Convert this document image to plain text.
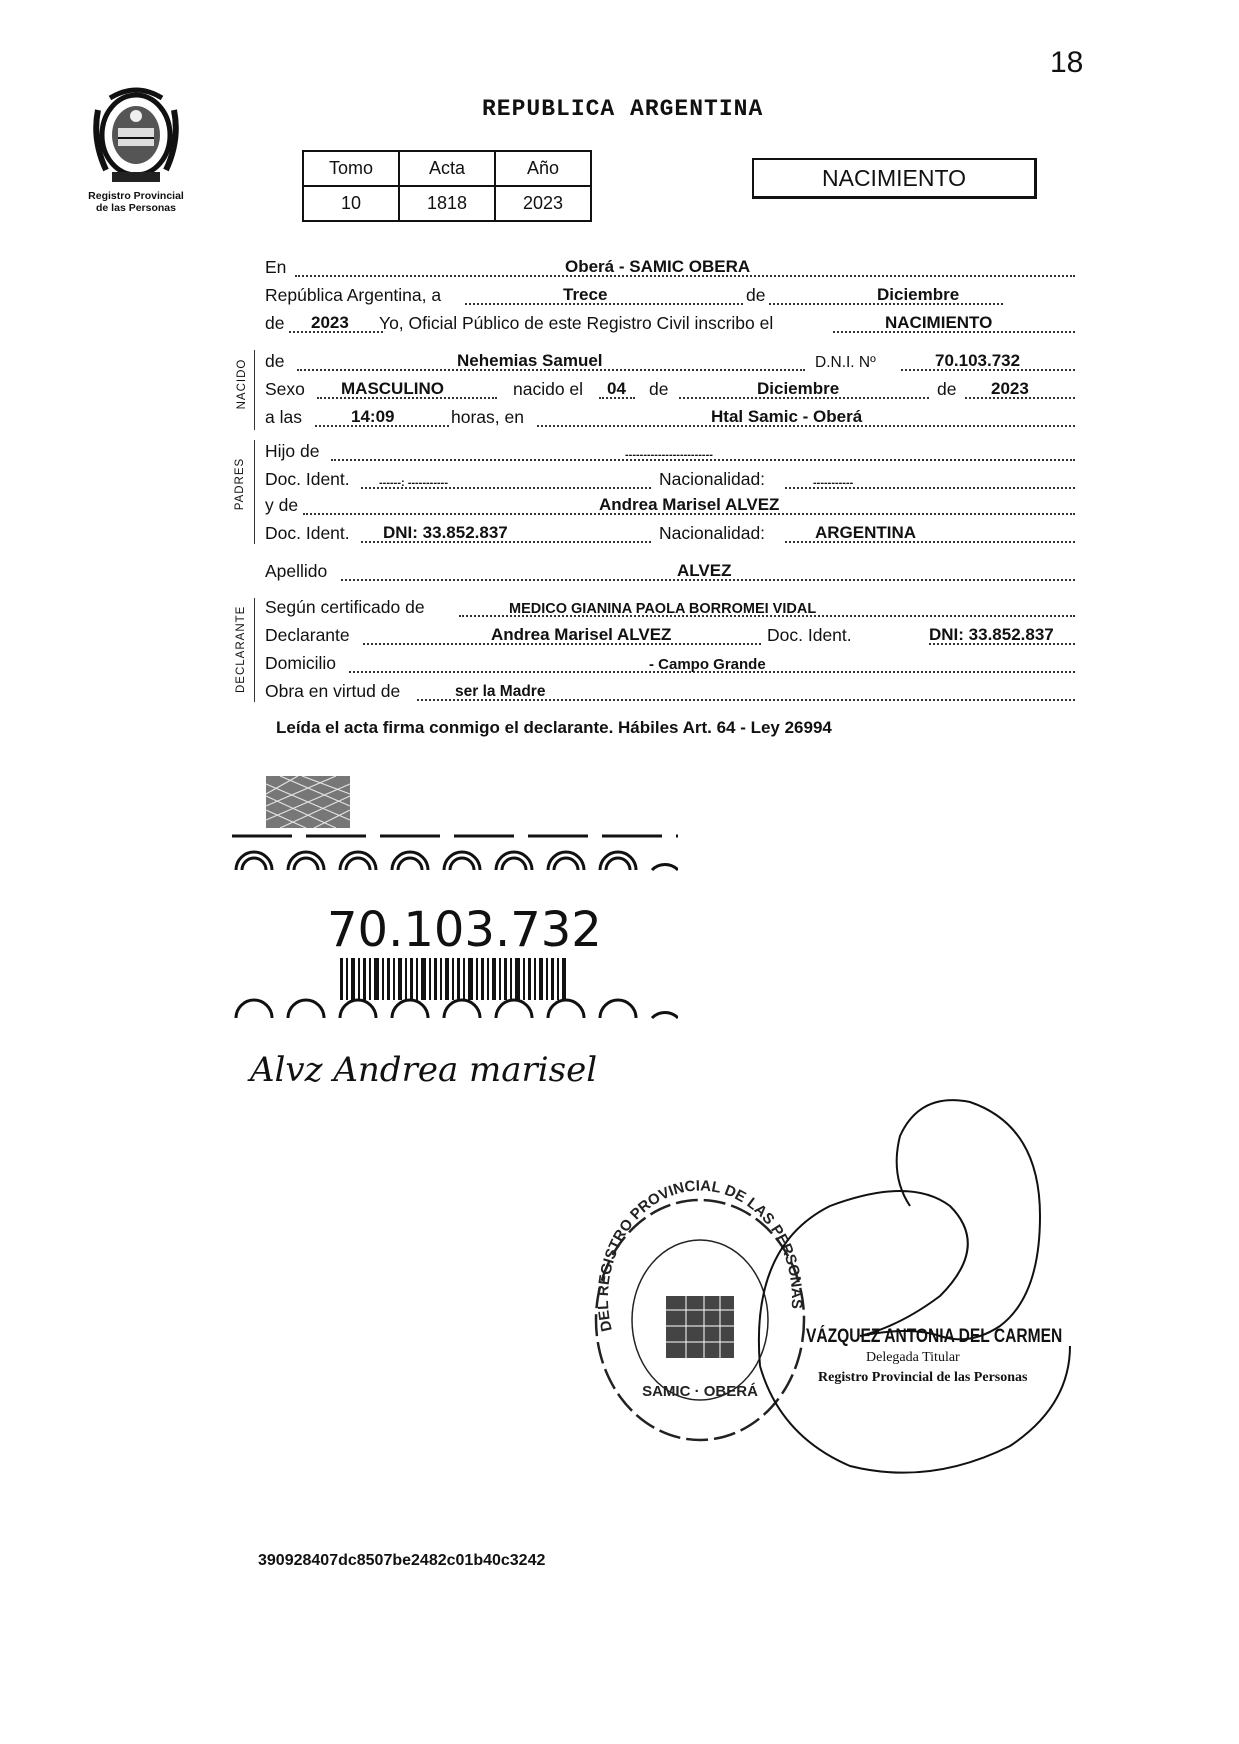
18
Registro Provincial
de las Personas
REPUBLICA ARGENTINA
Tomo	Acta	Año
10	1818	2023
NACIMIENTO
En	Oberá - SAMIC OBERA
República Argentina, a	Trece	de	Diciembre
de 2023 Yo, Oficial Público de este Registro Civil inscribo el	NACIMIENTO
NACIDO de	Nehemias Samuel	D.N.I. Nº	70.103.732
Sexo MASCULINO	nacido el 04 de	Diciembre	de 2023
a las	14:09	horas, en	Htal Samic - Oberá
PADRES
Hijo de	------------------------
Doc. Ident.	------: -----------	Nacionalidad:	-----------
y de	Andrea Marisel ALVEZ
Doc. Ident. DNI: 33.852.837	Nacionalidad:	ARGENTINA
Apellido	ALVEZ
DECLARANTE Según certificado de	MEDICO GIANINA PAOLA BORROMEI VIDAL
Declarante	Andrea Marisel ALVEZ	Doc. Ident.	DNI: 33.852.837
Domicilio	- Campo Grande
Obra en virtud de	ser la Madre
Leída el acta firma conmigo el declarante. Hábiles Art. 64 - Ley 26994
70.103.732
Alvz Andrea marisel
DEL REGISTRO PROVINCIAL DE LAS PERSONAS
SAMIC · OBERÁ
VÁZQUEZ ANTONIA DEL CARMEN
Delegada Titular
Registro Provincial de las Personas
390928407dc8507be2482c01b40c3242
